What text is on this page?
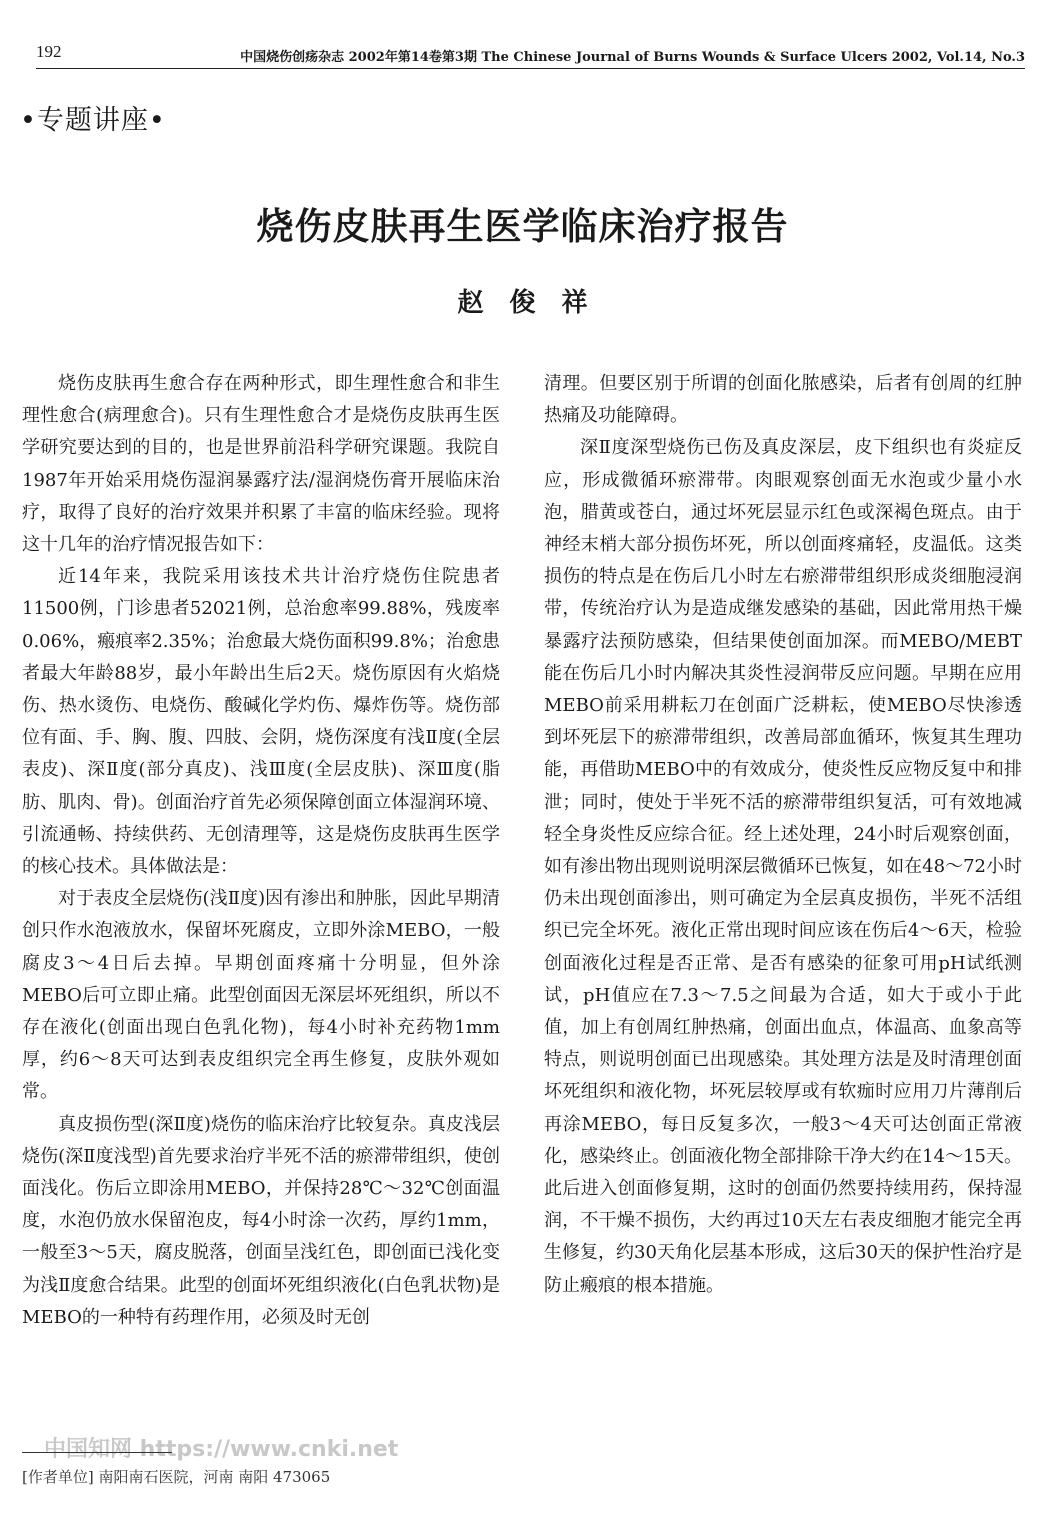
192	中国烧伤创疡杂志 2002年第14卷第3期 The Chinese Journal of Burns Wounds & Surface Ulcers 2002, Vol.14, No.3
•专题讲座•
烧伤皮肤再生医学临床治疗报告
赵俊祥

烧伤皮肤再生愈合存在两种形式，即生理性愈合和非生理性愈合(病理愈合)。只有生理性愈合才是烧伤皮肤再生医学研究要达到的目的，也是世界前沿科学研究课题。我院自1987年开始采用烧伤湿润暴露疗法/湿润烧伤膏开展临床治疗，取得了良好的治疗效果并积累了丰富的临床经验。现将这十几年的治疗情况报告如下：

近14年来，我院采用该技术共计治疗烧伤住院患者11500例，门诊患者52021例，总治愈率99.88%，残废率0.06%，瘢痕率2.35%；治愈最大烧伤面积99.8%；治愈患者最大年龄88岁，最小年龄出生后2天。烧伤原因有火焰烧伤、热水烫伤、电烧伤、酸碱化学灼伤、爆炸伤等。烧伤部位有面、手、胸、腹、四肢、会阴，烧伤深度有浅Ⅱ度(全层表皮)、深Ⅱ度(部分真皮)、浅Ⅲ度(全层皮肤)、深Ⅲ度(脂肪、肌肉、骨)。创面治疗首先必须保障创面立体湿润环境、引流通畅、持续供药、无创清理等，这是烧伤皮肤再生医学的核心技术。具体做法是：

对于表皮全层烧伤(浅Ⅱ度)因有渗出和肿胀，因此早期清创只作水泡液放水，保留坏死腐皮，立即外涂MEBO，一般腐皮3～4日后去掉。早期创面疼痛十分明显，但外涂MEBO后可立即止痛。此型创面因无深层坏死组织，所以不存在液化(创面出现白色乳化物)，每4小时补充药物1mm厚，约6～8天可达到表皮组织完全再生修复，皮肤外观如常。

真皮损伤型(深Ⅱ度)烧伤的临床治疗比较复杂。真皮浅层烧伤(深Ⅱ度浅型)首先要求治疗半死不活的瘀滞带组织，使创面浅化。伤后立即涂用MEBO，并保持28℃～32℃创面温度，水泡仍放水保留泡皮，每4小时涂一次药，厚约1mm，一般至3～5天，腐皮脱落，创面呈浅红色，即创面已浅化变为浅Ⅱ度愈合结果。此型的创面坏死组织液化(白色乳状物)是MEBO的一种特有药理作用，必须及时无创

清理。但要区别于所谓的创面化脓感染，后者有创周的红肿热痛及功能障碍。

深Ⅱ度深型烧伤已伤及真皮深层，皮下组织也有炎症反应，形成微循环瘀滞带。肉眼观察创面无水泡或少量小水泡，腊黄或苍白，通过坏死层显示红色或深褐色斑点。由于神经末梢大部分损伤坏死，所以创面疼痛轻，皮温低。这类损伤的特点是在伤后几小时左右瘀滞带组织形成炎细胞浸润带，传统治疗认为是造成继发感染的基础，因此常用热干燥暴露疗法预防感染，但结果使创面加深。而MEBO/MEBT能在伤后几小时内解决其炎性浸润带反应问题。早期在应用MEBO前采用耕耘刀在创面广泛耕耘，使MEBO尽快渗透到坏死层下的瘀滞带组织，改善局部血循环，恢复其生理功能，再借助MEBO中的有效成分，使炎性反应物反复中和排泄；同时，使处于半死不活的瘀滞带组织复活，可有效地减轻全身炎性反应综合征。经上述处理，24小时后观察创面，如有渗出物出现则说明深层微循环已恢复，如在48～72小时仍未出现创面渗出，则可确定为全层真皮损伤，半死不活组织已完全坏死。液化正常出现时间应该在伤后4～6天，检验创面液化过程是否正常、是否有感染的征象可用pH试纸测试，pH值应在7.3～7.5之间最为合适，如大于或小于此值，加上有创周红肿热痛，创面出血点，体温高、血象高等特点，则说明创面已出现感染。其处理方法是及时清理创面坏死组织和液化物，坏死层较厚或有软痂时应用刀片薄削后再涂MEBO，每日反复多次，一般3～4天可达创面正常液化，感染终止。创面液化物全部排除干净大约在14～15天。此后进入创面修复期，这时的创面仍然要持续用药，保持湿润，不干燥不损伤，大约再过10天左右表皮细胞才能完全再生修复，约30天角化层基本形成，这后30天的保护性治疗是防止瘢痕的根本措施。

中国知网 https://www.cnki.net
[作者单位] 南阳南石医院，河南 南阳 473065
